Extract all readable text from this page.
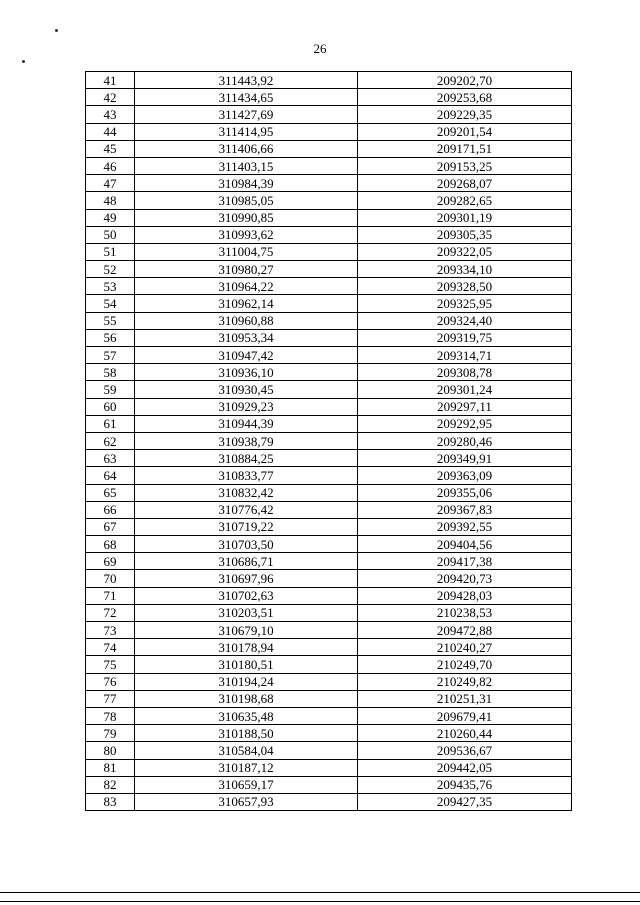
26
41	311443,92	209202,70
42	311434,65	209253,68
43	311427,69	209229,35
44	311414,95	209201,54
45	311406,66	209171,51
46	311403,15	209153,25
47	310984,39	209268,07
48	310985,05	209282,65
49	310990,85	209301,19
50	310993,62	209305,35
51	311004,75	209322,05
52	310980,27	209334,10
53	310964,22	209328,50
54	310962,14	209325,95
55	310960,88	209324,40
56	310953,34	209319,75
57	310947,42	209314,71
58	310936,10	209308,78
59	310930,45	209301,24
60	310929,23	209297,11
61	310944,39	209292,95
62	310938,79	209280,46
63	310884,25	209349,91
64	310833,77	209363,09
65	310832,42	209355,06
66	310776,42	209367,83
67	310719,22	209392,55
68	310703,50	209404,56
69	310686,71	209417,38
70	310697,96	209420,73
71	310702,63	209428,03
72	310203,51	210238,53
73	310679,10	209472,88
74	310178,94	210240,27
75	310180,51	210249,70
76	310194,24	210249,82
77	310198,68	210251,31
78	310635,48	209679,41
79	310188,50	210260,44
80	310584,04	209536,67
81	310187,12	209442,05
82	310659,17	209435,76
83	310657,93	209427,35
